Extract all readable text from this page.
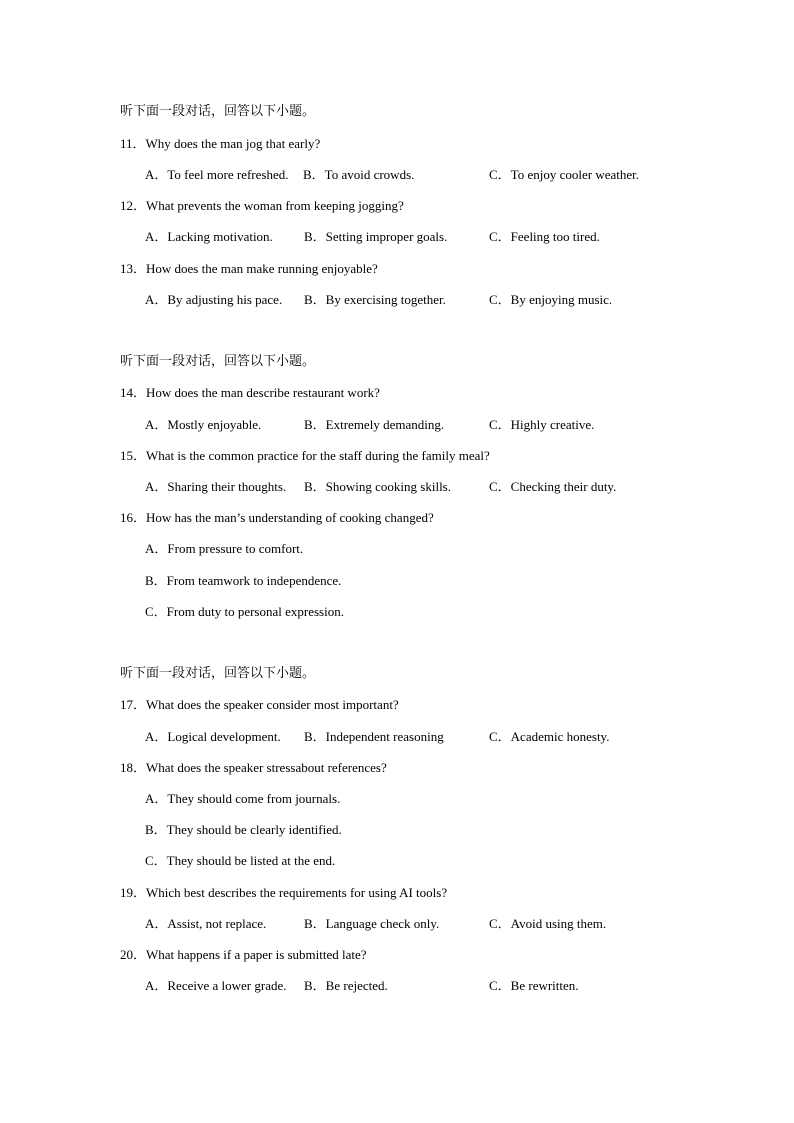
听下面一段对话，回答以下小题。
11．Why does the man jog that early?
A．To feel more refreshed. B．To avoid crowds.	C．To enjoy cooler weather.
12．What prevents the woman from keeping jogging?
A．Lacking motivation. B．Setting improper goals.	C．Feeling too tired.
13．How does the man make running enjoyable?
A．By adjusting his pace. B．By exercising together.	C．By enjoying music.
听下面一段对话，回答以下小题。
14．How does the man describe restaurant work?
A．Mostly enjoyable.	B．Extremely demanding.	C．Highly creative.
15．What is the common practice for the staff during the family meal?
A．Sharing their thoughts. B．Showing cooking skills.	C．Checking their duty.
16．How has the man’s understanding of cooking changed?
A．From pressure to comfort.
B．From teamwork to independence.
C．From duty to personal expression.
听下面一段对话，回答以下小题。
17．What does the speaker consider most important?
A．Logical development. B．Independent reasoning	C．Academic honesty.
18．What does the speaker stressabout references?
A．They should come from journals.
B．They should be clearly identified.
C．They should be listed at the end.
19．Which best describes the requirements for using AI tools?
A．Assist, not replace.	B．Language check only.	C．Avoid using them.
20．What happens if a paper is submitted late?
A．Receive a lower grade. B．Be rejected.	C．Be rewritten.
